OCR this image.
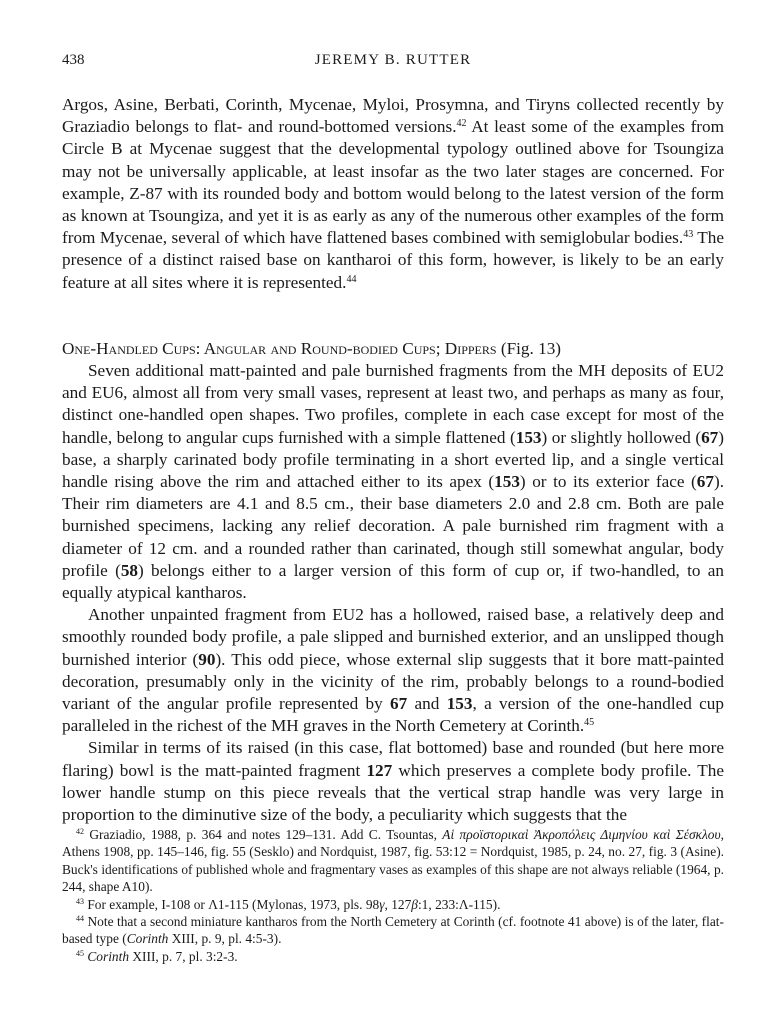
438	JEREMY B. RUTTER

Argos, Asine, Berbati, Corinth, Mycenae, Myloi, Prosymna, and Tiryns collected recently by Graziadio belongs to flat- and round-bottomed versions.$^{42}$ At least some of the examples from Circle B at Mycenae suggest that the developmental typology outlined above for Tsoungiza may not be universally applicable, at least insofar as the two later stages are concerned. For example, Z-87 with its rounded body and bottom would belong to the latest version of the form as known at Tsoungiza, and yet it is as early as any of the numerous other examples of the form from Mycenae, several of which have flattened bases combined with semiglobular bodies.$^{43}$ The presence of a distinct raised base on kantharoi of this form, however, is likely to be an early feature at all sites where it is represented.$^{44}$

One-Handled Cups: Angular and Round-bodied Cups; Dippers (Fig. 13)

Seven additional matt-painted and pale burnished fragments from the MH deposits of EU2 and EU6, almost all from very small vases, represent at least two, and perhaps as many as four, distinct one-handled open shapes. Two profiles, complete in each case except for most of the handle, belong to angular cups furnished with a simple flattened (153) or slightly hollowed (67) base, a sharply carinated body profile terminating in a short everted lip, and a single vertical handle rising above the rim and attached either to its apex (153) or to its exterior face (67). Their rim diameters are 4.1 and 8.5 cm., their base diameters 2.0 and 2.8 cm. Both are pale burnished specimens, lacking any relief decoration. A pale burnished rim fragment with a diameter of 12 cm. and a rounded rather than carinated, though still somewhat angular, body profile (58) belongs either to a larger version of this form of cup or, if two-handled, to an equally atypical kantharos.

Another unpainted fragment from EU2 has a hollowed, raised base, a relatively deep and smoothly rounded body profile, a pale slipped and burnished exterior, and an unslipped though burnished interior (90). This odd piece, whose external slip suggests that it bore matt-painted decoration, presumably only in the vicinity of the rim, probably belongs to a round-bodied variant of the angular profile represented by 67 and 153, a version of the one-handled cup paralleled in the richest of the MH graves in the North Cemetery at Corinth.$^{45}$

Similar in terms of its raised (in this case, flat bottomed) base and rounded (but here more flaring) bowl is the matt-painted fragment 127 which preserves a complete body profile. The lower handle stump on this piece reveals that the vertical strap handle was very large in proportion to the diminutive size of the body, a peculiarity which suggests that the

$^{42}$ Graziadio, 1988, p. 364 and notes 129–131. Add C. Tsountas, Αἱ προϊστορικαὶ Ἀκροπόλεις Διμηνίου καὶ Σέσκλου, Athens 1908, pp. 145–146, fig. 55 (Sesklo) and Nordquist, 1987, fig. 53:12 = Nordquist, 1985, p. 24, no. 27, fig. 3 (Asine). Buck's identifications of published whole and fragmentary vases as examples of this shape are not always reliable (1964, p. 244, shape A10).

$^{43}$ For example, I-108 or Λ1-115 (Mylonas, 1973, pls. 98γ, 127β:1, 233:Λ-115).

$^{44}$ Note that a second miniature kantharos from the North Cemetery at Corinth (cf. footnote 41 above) is of the later, flat-based type (Corinth XIII, p. 9, pl. 4:5-3).

$^{45}$ Corinth XIII, p. 7, pl. 3:2-3.
